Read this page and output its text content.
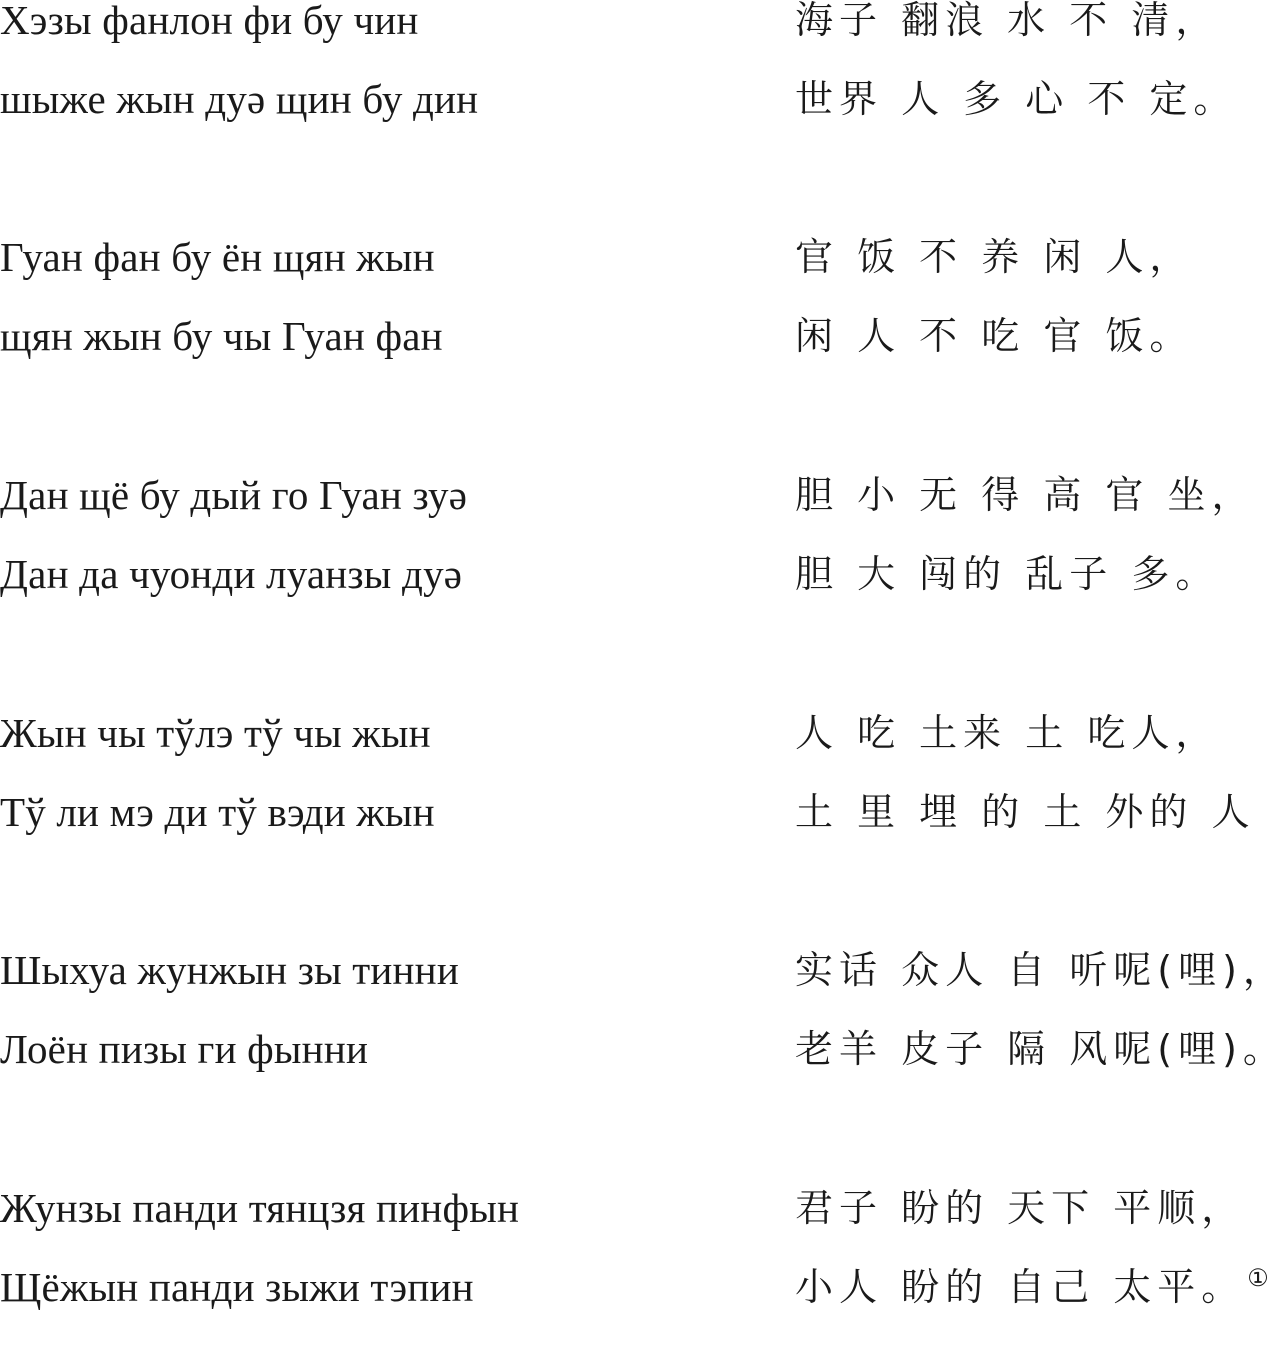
Хэзы фанлон фи бу чин	海子 翻浪 水 不 清，
шыже жын дуә щин бу дин	世界 人 多 心 不 定。
Гуан фан бу ён щян жын	官 饭 不 养 闲 人，
щян жын бу чы Гуан фан	闲 人 不 吃 官 饭。
Дан щё бу дый го Гуан зуә	胆 小 无 得 高 官 坐，
Дан да чуонди луанзы дуә	胆 大 闯的 乱子 多。
Жын чы тўлэ тў чы жын	人 吃 土来 土 吃人，
Тў ли мэ ди тў вэди жын	土 里 埋 的 土 外的 人
Шыхуа жунжын зы тинни	实话 众人 自 听呢(哩)，
Лоён пизы ги фынни	老羊 皮子 隔 风呢(哩)。
Жунзы панди тянцзя пинфын	君子 盼的 天下 平顺，
Щёжын панди зыжи тэпин	小人 盼的 自己 太平。①
